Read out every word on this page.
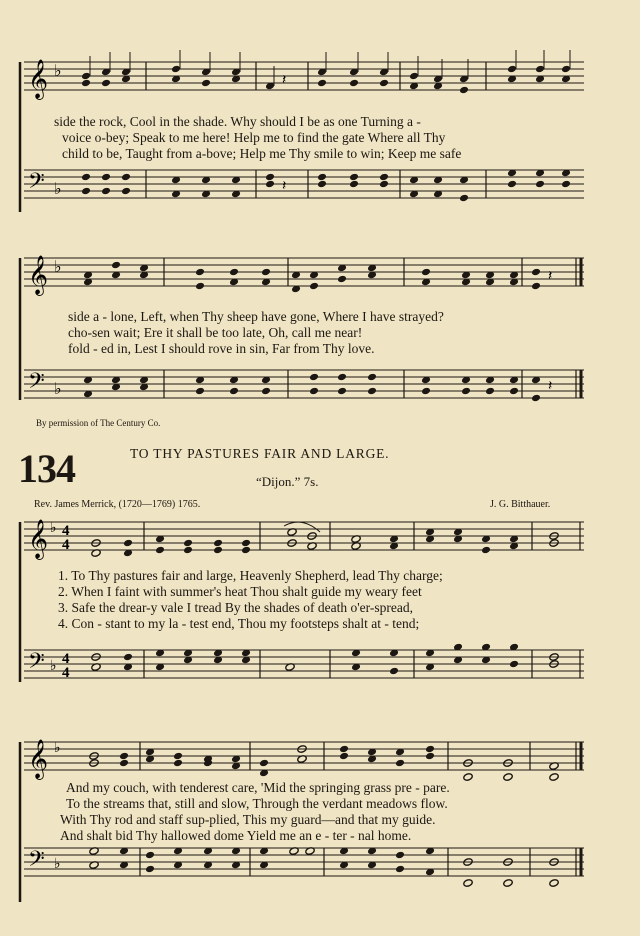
𝄞 ♭
𝄽
𝄢 ♭	𝄽
𝄞 ♭
𝄽
𝄢 ♭	𝄽
𝄞 ♭ 4
4
𝄢 ♭ 4
4
𝄞 ♭
𝄢 ♭
side the rock, Cool in the shade. Why should I be as one Turning a -
voice o-bey; Speak to me here! Help me to find the gate Where all Thy
child to be, Taught from a-bove; Help me Thy smile to win; Keep me safe
side a - lone, Left, when Thy sheep have gone, Where I have strayed?
cho-sen wait; Ere it shall be too late, Oh, call me near!
fold - ed in, Lest I should rove in sin, Far from Thy love.
By permission of The Century Co.
134	TO THY PASTURES FAIR AND LARGE.
“Dijon.” 7s.
Rev. James Merrick, (1720—1769) 1765.	J. G. Bitthauer.
1. To Thy pastures fair and large, Heavenly Shepherd, lead Thy charge;
2. When I faint with summer's heat Thou shalt guide my weary feet
3. Safe the drear-y vale I tread By the shades of death o'er-spread,
4. Con - stant to my la - test end, Thou my footsteps shalt at - tend;
And my couch, with tenderest care, 'Mid the springing grass pre - pare.
To the streams that, still and slow, Through the verdant meadows flow.
With Thy rod and staff sup-plied, This my guard—and that my guide.
And shalt bid Thy hallowed dome Yield me an e - ter - nal home.
